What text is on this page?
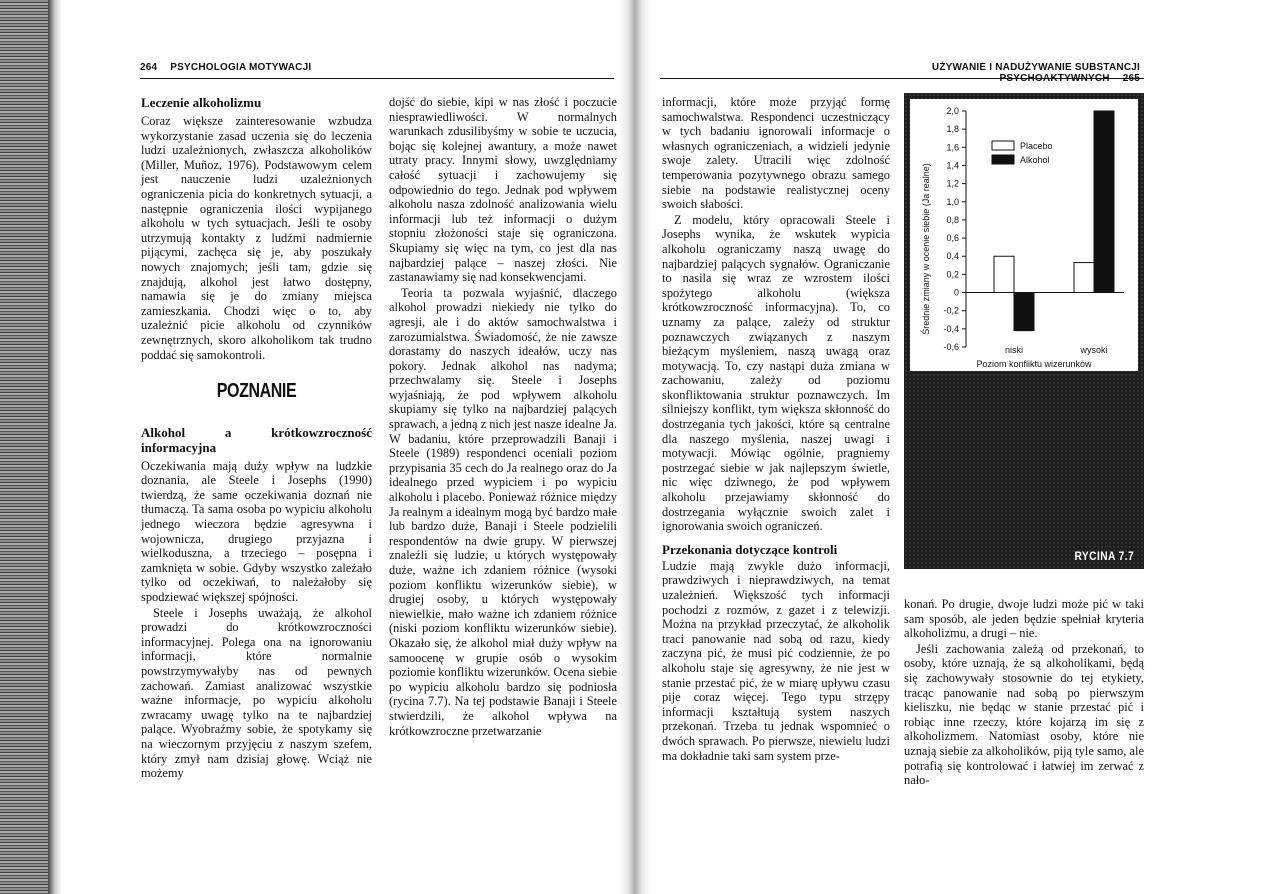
264 PSYCHOLOGIA MOTYWACJI	UŻYWANIE I NADUŻYWANIE SUBSTANCJI
Leczenie alkoholizmu

Coraz większe zainteresowanie wzbudza wykorzystanie zasad uczenia się do leczenia ludzi uzależnionych, zwłaszcza alkoholików (Miller, Muñoz, 1976). Podstawowym celem jest nauczenie ludzi uzależnionych ograniczenia picia do konkretnych sytuacji, a następnie ograniczenia ilości wypijanego alkoholu w tych sytuacjach. Jeśli te osoby utrzymują kontakty z ludźmi nadmiernie pijącymi, zachęca się je, aby poszukały nowych znajomych; jeśli tam, gdzie się znajdują, alkohol jest łatwo dostępny, namawia się je do zmiany miejsca zamieszkania. Chodzi więc o to, aby uzależnić picie alkoholu od czynników zewnętrznych, skoro alkoholikom tak trudno poddać się samokontroli.

POZNANIE
Alkohol a krótkowzroczność informacyjna

Oczekiwania mają duży wpływ na ludzkie doznania, ale Steele i Josephs (1990) twierdzą, że same oczekiwania doznań nie tłumaczą. Ta sama osoba po wypiciu alkoholu jednego wieczora będzie agresywna i wojownicza, drugiego przyjazna i wielkoduszna, a trzeciego – posępna i zamknięta w sobie. Gdyby wszystko zależało tylko od oczekiwań, to należałoby się spodziewać większej spójności.

Steele i Josephs uważają, że alkohol prowadzi do krótkowzroczności informacyjnej. Polega ona na ignorowaniu informacji, które normalnie powstrzymywałyby nas od pewnych zachowań. Zamiast analizować wszystkie ważne informacje, po wypiciu alkoholu zwracamy uwagę tylko na te najbardziej palące. Wyobraźmy sobie, że spotykamy się na wieczornym przyjęciu z naszym szefem, który zmył nam dzisiaj głowę. Wciąż nie możemy

dojść do siebie, kipi w nas złość i poczucie niesprawiedliwości. W normalnych warunkach zdusilibyśmy w sobie te uczucia, bojąc się kolejnej awantury, a może nawet utraty pracy. Innymi słowy, uwzględniamy całość sytuacji i zachowujemy się odpowiednio do tego. Jednak pod wpływem alkoholu nasza zdolność analizowania wielu informacji lub też informacji o dużym stopniu złożoności staje się ograniczona. Skupiamy się więc na tym, co jest dla nas najbardziej palące – naszej złości. Nie zastanawiamy się nad konsekwencjami.

Teoria ta pozwala wyjaśnić, dlaczego alkohol prowadzi niekiedy nie tylko do agresji, ale i do aktów samochwalstwa i zarozumialstwa. Świadomość, że nie zawsze dorastamy do naszych ideałów, uczy nas pokory. Jednak alkohol nas nadyma; przechwalamy się. Steele i Josephs wyjaśniają, że pod wpływem alkoholu skupiamy się tylko na najbardziej palących sprawach, a jedną z nich jest nasze idealne Ja. W badaniu, które przeprowadzili Banaji i Steele (1989) respondenci oceniali poziom przypisania 35 cech do Ja realnego oraz do Ja idealnego przed wypiciem i po wypiciu alkoholu i placebo. Ponieważ różnice między Ja realnym a idealnym mogą być bardzo małe lub bardzo duże, Banaji i Steele podzielili respondentów na dwie grupy. W pierwszej znaleźli się ludzie, u których występowały duże, ważne ich zdaniem różnice (wysoki poziom konfliktu wizerunków siebie), w drugiej osoby, u których występowały niewielkie, mało ważne ich zdaniem różnice (niski poziom konfliktu wizerunków siebie). Okazało się, że alkohol miał duży wpływ na samoocenę w grupie osób o wysokim poziomie konfliktu wizerunków. Ocena siebie po wypiciu alkoholu bardzo się podniosła (rycina 7.7). Na tej podstawie Banaji i Steele stwierdzili, że alkohol wpływa na krótkowzroczne przetwarzanie

informacji, które może przyjąć formę samochwalstwa. Respondenci uczestniczący w tych badaniu ignorowali informacje o własnych ograniczeniach, a widzieli jedynie swoje zalety. Utracili więc zdolność temperowania pozytywnego obrazu samego siebie na podstawie realistycznej oceny swoich słabości.

Z modelu, który opracowali Steele i Josephs wynika, że wskutek wypicia alkoholu ograniczamy naszą uwagę do najbardziej palących sygnałów. Ograniczanie to nasila się wraz ze wzrostem ilości spożytego alkoholu (większa krótkowzroczność informacyjna). To, co uznamy za palące, zależy od struktur poznawczych związanych z naszym bieżącym myśleniem, naszą uwagą oraz motywacją. To, czy nastąpi duża zmiana w zachowaniu, zależy od poziomu skonfliktowania struktur poznawczych. Im silniejszy konflikt, tym większa skłonność do dostrzegania tych jakości, które są centralne dla naszego myślenia, naszej uwagi i motywacji. Mówiąc ogólnie, pragniemy postrzegać siebie w jak najlepszym świetle, nic więc dziwnego, że pod wpływem alkoholu przejawiamy skłonność do dostrzegania wyłącznie swoich zalet i ignorowania swoich ograniczeń.

Przekonania dotyczące kontroli

Ludzie mają zwykle dużo informacji, prawdziwych i nieprawdziwych, na temat uzależnień. Większość tych informacji pochodzi z rozmów, z gazet i z telewizji. Można na przykład przeczytać, że alkoholik traci panowanie nad sobą od razu, kiedy zaczyna pić, że musi pić codziennie, że po alkoholu staje się agresywny, że nie jest w stanie przestać pić, że w miarę upływu czasu pije coraz więcej. Tego typu strzępy informacji kształtują system naszych przekonań. Trzeba tu jednak wspomnieć o dwóch sprawach. Po pierwsze, niewielu ludzi ma dokładnie taki sam system prze-

konań. Po drugie, dwoje ludzi może pić w taki sam sposób, ale jeden będzie spełniał kryteria alkoholizmu, a drugi – nie.

Jeśli zachowania zależą od przekonań, to osoby, które uznają, że są alkoholikami, będą się zachowywały stosownie do tej etykiety, tracąc panowanie nad sobą po pierwszym kieliszku, nie będąc w stanie przestać pić i robiąc inne rzeczy, które kojarzą im się z alkoholizmem. Natomiast osoby, które nie uznają siebie za alkoholików, piją tyle samo, ale potrafią się kontrolować i łatwiej im zerwać z nało-

Średnie zmiany w ocenie siebie (Ja realne)
Poziom konfliktu wizerunków
2,0
1,8
1,6
1,4
1,2
1,0
0,8
0,6
0,4
0,2
0
-0,2
-0,4
-0,6	niski	wysoki
Placebo
Alkohol
RYCINA 7.7
